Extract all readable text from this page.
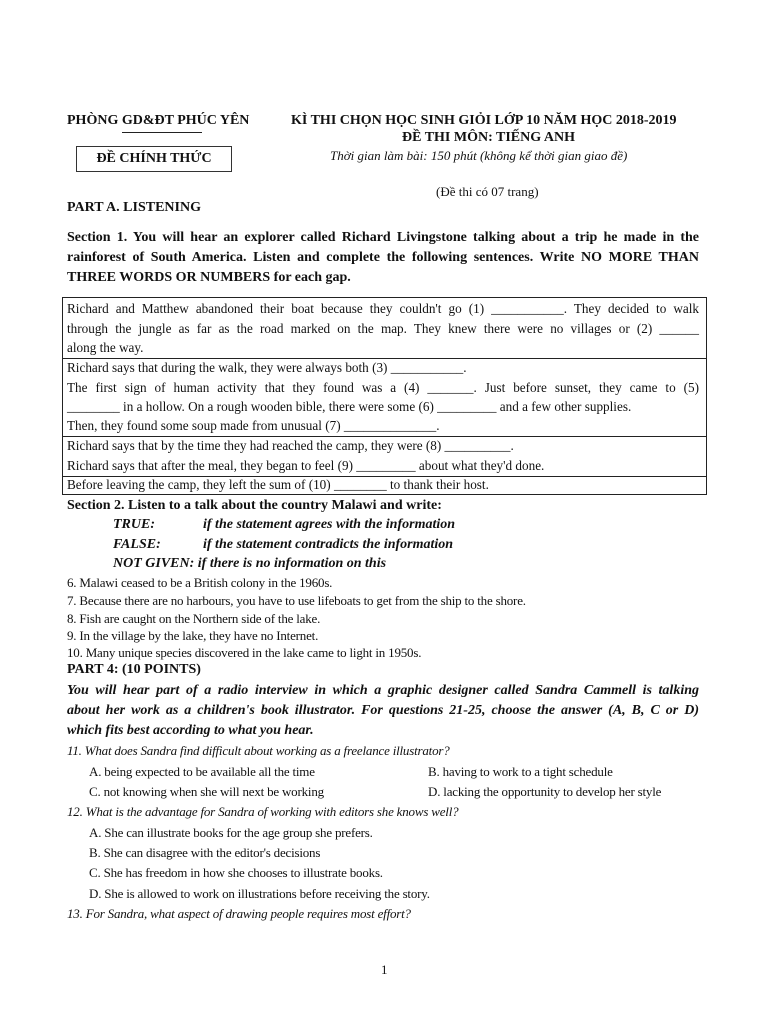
PHÒNG GD&ĐT PHÚC YÊN
ĐỀ CHÍNH THỨC
KÌ THI CHỌN HỌC SINH GIỎI LỚP 10 NĂM HỌC 2018-2019
ĐỀ THI MÔN: TIẾNG ANH
Thời gian làm bài: 150 phút (không kể thời gian giao đề)
(Đề thi có 07 trang)
PART A. LISTENING
Section 1. You will hear an explorer called Richard Livingstone talking about a trip he made in the
rainforest of South America. Listen and complete the following sentences. Write NO MORE THAN
THREE WORDS OR NUMBERS for each gap.
Richard and Matthew abandoned their boat because they couldn't go (1) ___________. They decided to walk
through the jungle as far as the road marked on the map. They knew there were no villages or (2) ______
along the way.
Richard says that during the walk, they were always both (3) ___________.
The first sign of human activity that they found was a (4) _______. Just before sunset, they came to (5)
________ in a hollow. On a rough wooden bible, there were some (6) _________ and a few other supplies.
Then, they found some soup made from unusual (7) ______________.
Richard says that by the time they had reached the camp, they were (8) __________.
Richard says that after the meal, they began to feel (9) _________ about what they'd done.
Before leaving the camp, they left the sum of (10) ________ to thank their host.
Section 2. Listen to a talk about the country Malawi and write:
TRUE:	if the statement agrees with the information
FALSE:	if the statement contradicts the information
NOT GIVEN: if there is no information on this
6. Malawi ceased to be a British colony in the 1960s.
7. Because there are no harbours, you have to use lifeboats to get from the ship to the shore.
8. Fish are caught on the Northern side of the lake.
9. In the village by the lake, they have no Internet.
10. Many unique species discovered in the lake came to light in 1950s.
PART 4: (10 POINTS)
You will hear part of a radio interview in which a graphic designer called Sandra Cammell is talking
about her work as a children's book illustrator. For questions 21-25, choose the answer (A, B, C or D)
which fits best according to what you hear.
11. What does Sandra find difficult about working as a freelance illustrator?
A. being expected to be available all the time	B. having to work to a tight schedule
C. not knowing when she will next be working	D. lacking the opportunity to develop her style
12. What is the advantage for Sandra of working with editors she knows well?
A. She can illustrate books for the age group she prefers.
B. She can disagree with the editor's decisions
C. She has freedom in how she chooses to illustrate books.
D. She is allowed to work on illustrations before receiving the story.
13. For Sandra, what aspect of drawing people requires most effort?
1
